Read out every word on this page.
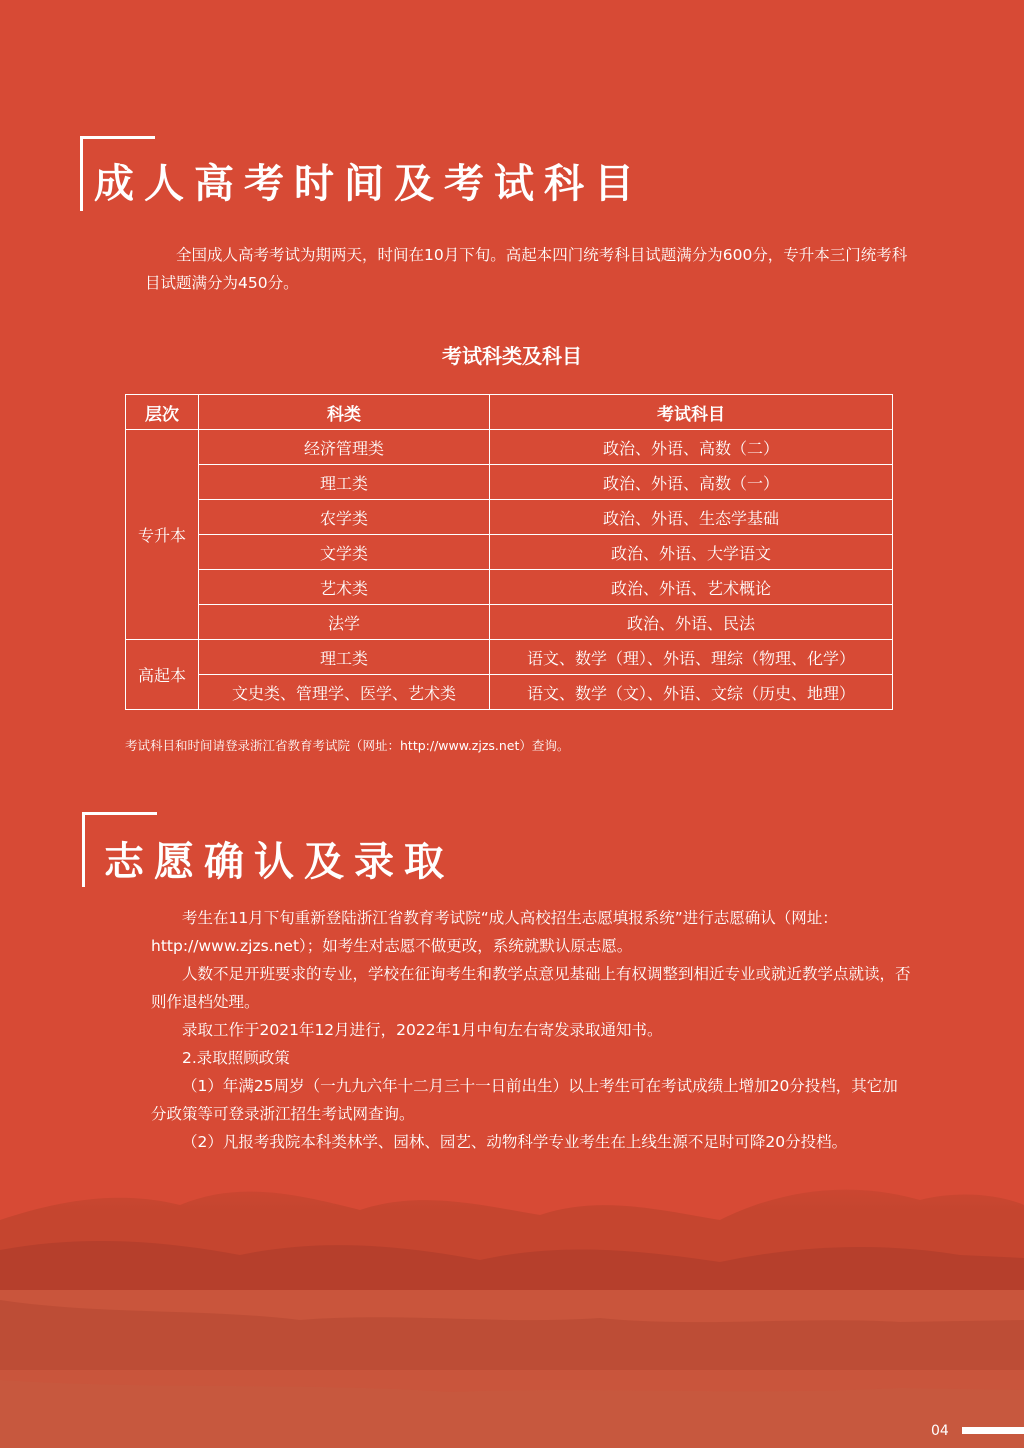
成人高考时间及考试科目

全国成人高考考试为期两天，时间在10月下旬。高起本四门统考科目试题满分为600分，专升本三门统考科目试题满分为450分。

考试科类及科目
层次	科类	考试科目
专升本	经济管理类	政治、外语、高数（二）
	理工类	政治、外语、高数（一）
	农学类	政治、外语、生态学基础
	文学类	政治、外语、大学语文
	艺术类	政治、外语、艺术概论
	法学	政治、外语、民法
高起本	理工类	语文、数学（理）、外语、理综（物理、化学）
	文史类、管理学、医学、艺术类	语文、数学（文）、外语、文综（历史、地理）
考试科目和时间请登录浙江省教育考试院（网址：http://www.zjzs.net）查询。
志愿确认及录取

考生在11月下旬重新登陆浙江省教育考试院“成人高校招生志愿填报系统”进行志愿确认（网址：http://www.zjzs.net）；如考生对志愿不做更改，系统就默认原志愿。

人数不足开班要求的专业，学校在征询考生和教学点意见基础上有权调整到相近专业或就近教学点就读，否则作退档处理。

录取工作于2021年12月进行，2022年1月中旬左右寄发录取通知书。

2.录取照顾政策

（1）年满25周岁（一九九六年十二月三十一日前出生）以上考生可在考试成绩上增加20分投档，其它加分政策等可登录浙江招生考试网查询。

（2）凡报考我院本科类林学、园林、园艺、动物科学专业考生在上线生源不足时可降20分投档。

04
